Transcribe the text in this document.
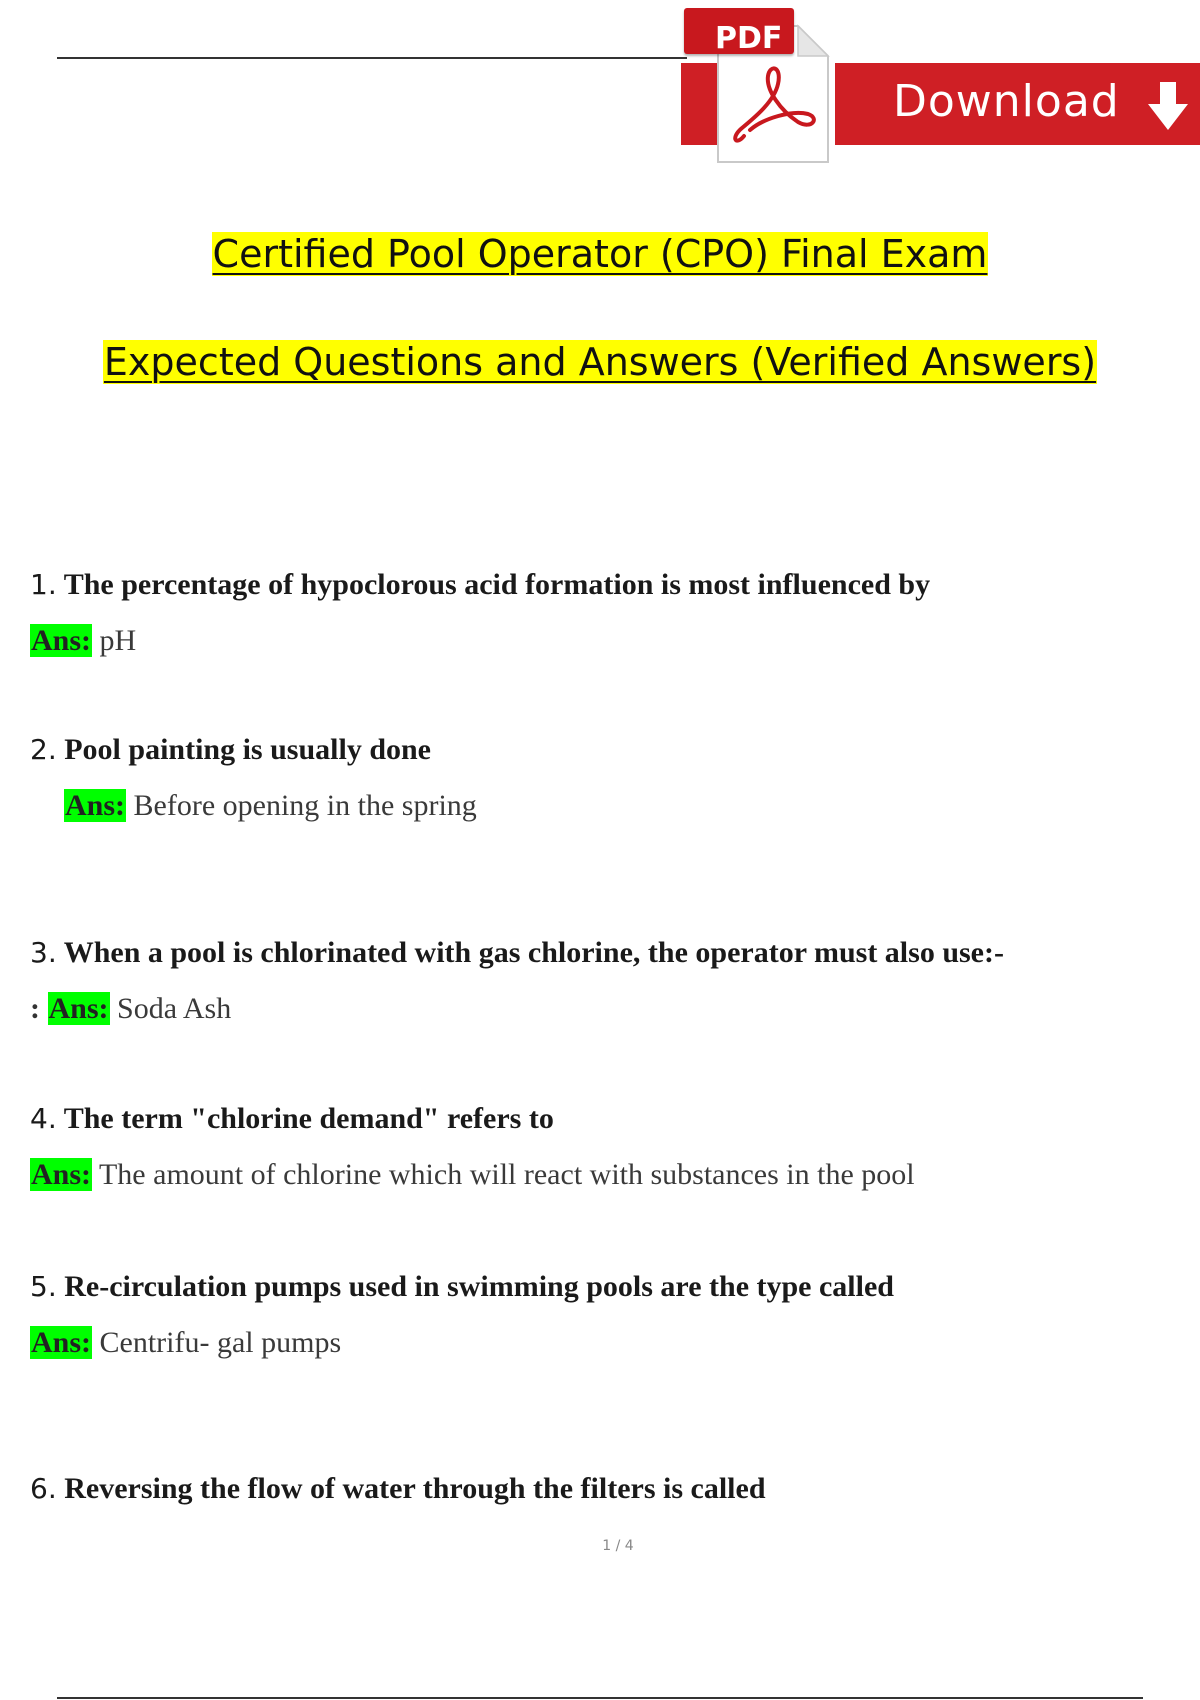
PDF
Download
Certified Pool Operator (CPO) Final Exam
Expected Questions and Answers (Verified Answers)
1. The percentage of hypoclorous acid formation is most influenced by
Ans: pH
2. Pool painting is usually done
Ans: Before opening in the spring
3. When a pool is chlorinated with gas chlorine, the operator must also use:-
: Ans: Soda Ash
4. The term "chlorine demand" refers to
Ans: The amount of chlorine which will react with substances in the pool
5. Re-circulation pumps used in swimming pools are the type called
Ans: Centrifu- gal pumps
6. Reversing the flow of water through the filters is called
1 / 4
